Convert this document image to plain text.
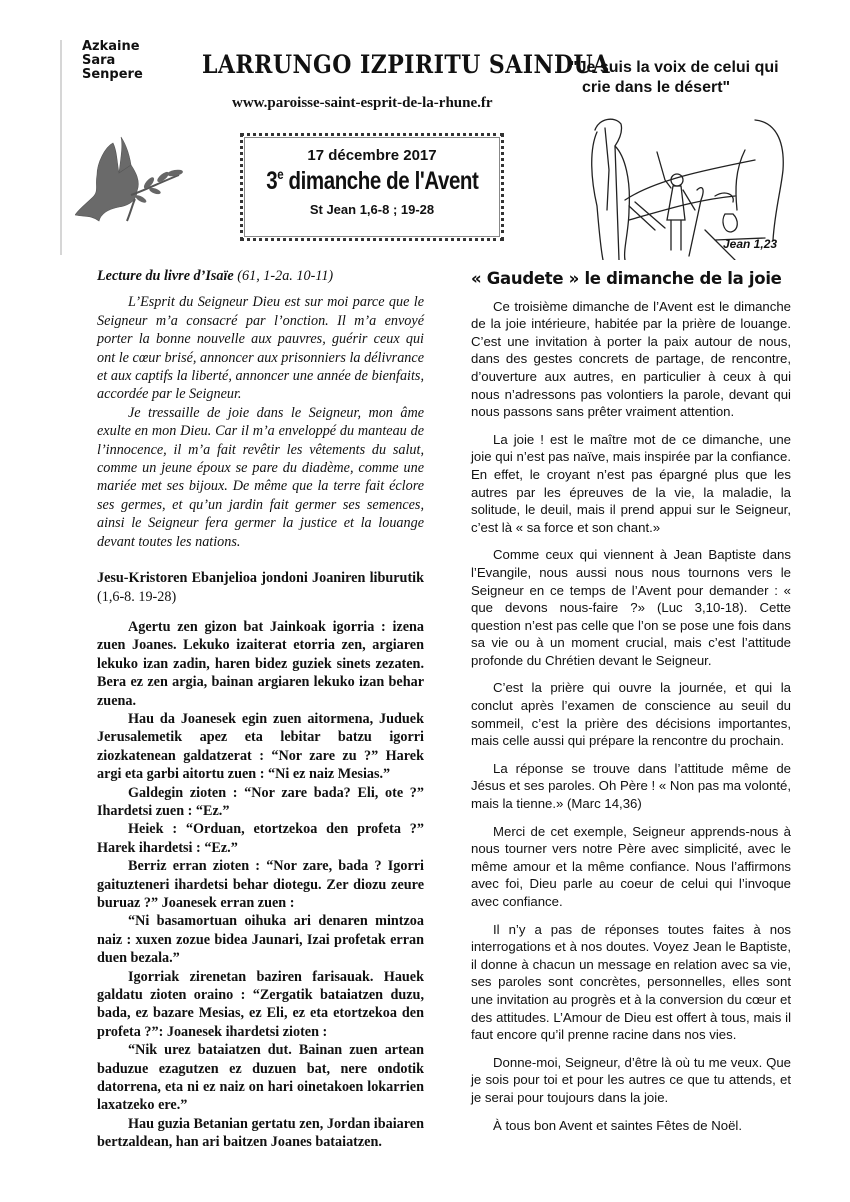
Azkaine
Sara
Senpere LARRUNGO IZPIRITU SAINDUA
www.paroisse-saint-esprit-de-la-rhune.fr
"Je suis la voix de celui qui
crie dans le désert"
17 décembre 2017
3e dimanche de l'Avent
St Jean 1,6-8 ; 19-28
Jean 1,23

Lecture du livre d’Isaïe (61, 1-2a. 10-11)

L’Esprit du Seigneur Dieu est sur moi parce que le Seigneur m’a consacré par l’onction. Il m’a envoyé porter la bonne nouvelle aux pauvres, guérir ceux qui ont le cœur brisé, annoncer aux prisonniers la délivrance et aux captifs la liberté, annoncer une année de bienfaits, accordée par le Seigneur.

Je tressaille de joie dans le Seigneur, mon âme exulte en mon Dieu. Car il m’a enveloppé du manteau de l’innocence, il m’a fait revêtir les vêtements du salut, comme un jeune époux se pare du diadème, comme une mariée met ses bijoux. De même que la terre fait éclore ses germes, et qu’un jardin fait germer ses semences, ainsi le Seigneur fera germer la justice et la louange devant toutes les nations.

Jesu-Kristoren Ebanjelioa jondoni Joaniren liburutik (1,6-8. 19-28)

Agertu zen gizon bat Jainkoak igorria : izena zuen Joanes. Lekuko izaiterat etorria zen, argiaren lekuko izan zadin, haren bidez guziek sinets zezaten. Bera ez zen argia, bainan argiaren lekuko izan behar zuena.

Hau da Joanesek egin zuen aitormena, Juduek Jerusalemetik apez eta lebitar batzu igorri ziozkatenean galdatzerat : “Nor zare zu ?” Harek argi eta garbi aitortu zuen : “Ni ez naiz Mesias.”

Galdegin zioten : “Nor zare bada? Eli, ote ?” Ihardetsi zuen : “Ez.”

Heiek : “Orduan, etortzekoa den profeta ?” Harek ihardetsi : “Ez.”

Berriz erran zioten : “Nor zare, bada ? Igorri gaituzteneri ihardetsi behar diotegu. Zer diozu zeure buruaz ?” Joanesek erran zuen :

“Ni basamortuan oihuka ari denaren mintzoa naiz : xuxen zozue bidea Jaunari, Izai profetak erran duen bezala.”

Igorriak zirenetan baziren farisauak. Hauek galdatu zioten oraino : “Zergatik bataiatzen duzu, bada, ez bazare Mesias, ez Eli, ez eta etortzekoa den profeta ?”: Joanesek ihardetsi zioten :

“Nik urez bataiatzen dut. Bainan zuen artean baduzue ezagutzen ez duzuen bat, nere ondotik datorrena, eta ni ez naiz on hari oinetakoen lokarrien laxatzeko ere.”

Hau guzia Betanian gertatu zen, Jordan ibaiaren bertzaldean, han ari baitzen Joanes bataiatzen.

« Gaudete » le dimanche de la joie

Ce troisième dimanche de l’Avent est le dimanche de la joie intérieure, habitée par la prière de louange. C’est une invitation à porter la paix autour de nous, dans des gestes concrets de partage, de rencontre, d’ouverture aux autres, en particulier à ceux à qui nous n’adressons pas volontiers la parole, devant qui nous passons sans prêter vraiment attention.

La joie ! est le maître mot de ce dimanche, une joie qui n’est pas naïve, mais inspirée par la confiance. En effet, le croyant n’est pas épargné plus que les autres par les épreuves de la vie, la maladie, la solitude, le deuil, mais il prend appui sur le Seigneur, c’est là « sa force et son chant.»

Comme ceux qui viennent à Jean Baptiste dans l’Evangile, nous aussi nous nous tournons vers le Seigneur en ce temps de l’Avent pour demander : « que devons nous-faire ?» (Luc 3,10-18). Cette question n’est pas celle que l’on se pose une fois dans sa vie ou à un moment crucial, mais c’est l’attitude profonde du Chrétien devant le Seigneur.

C’est la prière qui ouvre la journée, et qui la conclut après l’examen de conscience au seuil du sommeil, c’est la prière des décisions importantes, mais celle aussi qui prépare la rencontre du prochain.

La réponse se trouve dans l’attitude même de Jésus et ses paroles. Oh Père ! « Non pas ma volonté, mais la tienne.» (Marc 14,36)

Merci de cet exemple, Seigneur apprends-nous à nous tourner vers notre Père avec simplicité, avec le même amour et la même confiance. Nous l’affirmons avec foi, Dieu parle au coeur de celui qui l’invoque avec confiance.

Il n’y a pas de réponses toutes faites à nos interrogations et à nos doutes. Voyez Jean le Baptiste, il donne à chacun un message en relation avec sa vie, ses paroles sont concrètes, personnelles, elles sont une invitation au progrès et à la conversion du cœur et des attitudes. L’Amour de Dieu est offert à tous, mais il faut encore qu’il prenne racine dans nos vies.

Donne-moi, Seigneur, d’être là où tu me veux. Que je sois pour toi et pour les autres ce que tu attends, et je serai pour toujours dans la joie.

À tous bon Avent et saintes Fêtes de Noël.
